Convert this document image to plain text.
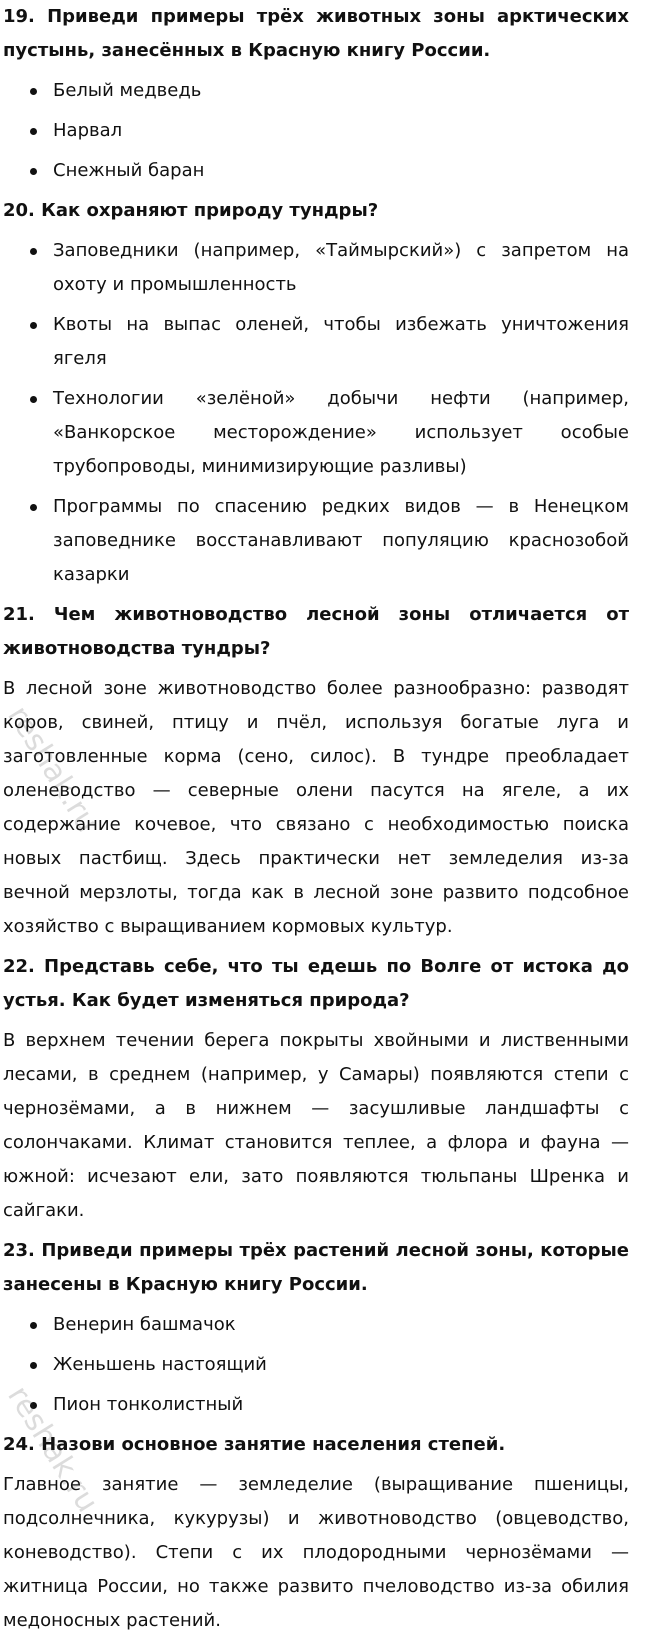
19. Приведи примеры трёх животных зоны арктических пустынь, занесённых в Красную книгу России.

Белый медведь
Нарвал
Снежный баран

20. Как охраняют природу тундры?

Заповедники (например, «Таймырский») с запретом на охоту и промышленность
Квоты на выпас оленей, чтобы избежать уничтожения ягеля
Технологии «зелёной» добычи нефти (например, «Ванкорское месторождение» использует особые трубопроводы, минимизирующие разливы)
Программы по спасению редких видов — в Ненецком заповеднике восстанавливают популяцию краснозобой казарки

21. Чем животноводство лесной зоны отличается от животноводства тундры?

В лесной зоне животноводство более разнообразно: разводят коров, свиней, птицу и пчёл, используя богатые луга и заготовленные корма (сено, силос). В тундре преобладает оленеводство — северные олени пасутся на ягеле, а их содержание кочевое, что связано с необходимостью поиска новых пастбищ. Здесь практически нет земледелия из-за вечной мерзлоты, тогда как в лесной зоне развито подсобное хозяйство с выращиванием кормовых культур.

22. Представь себе, что ты едешь по Волге от истока до устья. Как будет изменяться природа?

В верхнем течении берега покрыты хвойными и лиственными лесами, в среднем (например, у Самары) появляются степи с чернозёмами, а в нижнем — засушливые ландшафты с солончаками. Климат становится теплее, а флора и фауна — южной: исчезают ели, зато появляются тюльпаны Шренка и сайгаки.

23. Приведи примеры трёх растений лесной зоны, которые занесены в Красную книгу России.

Венерин башмачок
Женьшень настоящий
Пион тонколистный

24. Назови основное занятие населения степей.

Главное занятие — земледелие (выращивание пшеницы, подсолнечника, кукурузы) и животноводство (овцеводство, коневодство). Степи с их плодородными чернозёмами — житница России, но также развито пчеловодство из-за обилия медоносных растений.

reshak.ru
reshak.ru
